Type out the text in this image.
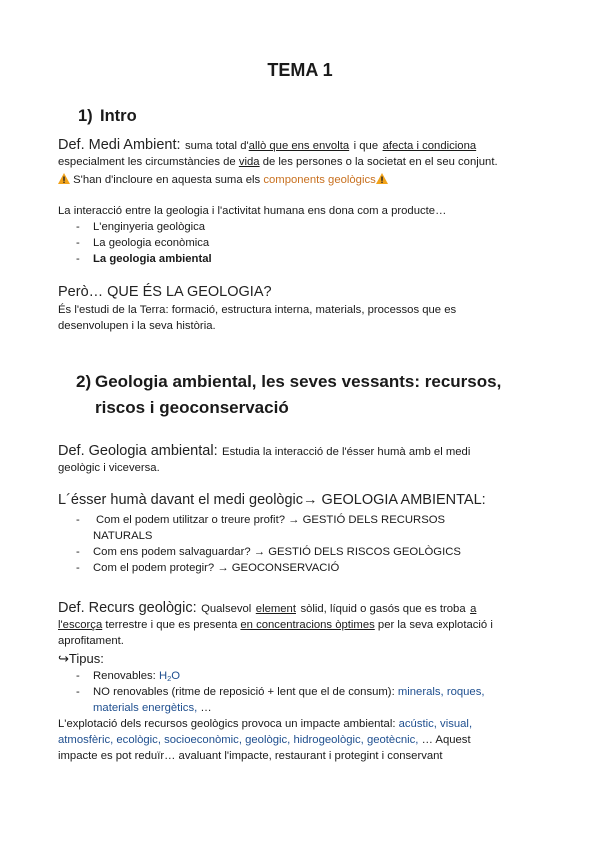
TEMA 1
1) Intro
Def. Medi Ambient: suma total d'allò que ens envolta i que afecta i condiciona
especialment les circumstàncies de vida de les persones o la societat en el seu conjunt.
S'han d'incloure en aquesta suma els components geològics
La interacció entre la geologia i l'activitat humana ens dona com a producte…
- L'enginyeria geològica
- La geologia econòmica
- La geologia ambiental
Però… QUE ÉS LA GEOLOGIA?
És l'estudi de la Terra: formació, estructura interna, materials, processos que es
desenvolupen i la seva història.
2) Geologia ambiental, les seves vessants: recursos,
riscos i geoconservació
Def. Geologia ambiental: Estudia la interacció de l'ésser humà amb el medi
geològic i viceversa.
L´ésser humà davant el medi geològic→ GEOLOGIA AMBIENTAL:
- Com el podem utilitzar o treure profit? → GESTIÓ DELS RECURSOS
NATURALS
- Com ens podem salvaguardar? → GESTIÓ DELS RISCOS GEOLÒGICS
- Com el podem protegir? → GEOCONSERVACIÓ
Def. Recurs geològic: Qualsevol element sòlid, líquid o gasós que es troba a
l'escorça terrestre i que es presenta en concentracions òptimes per la seva explotació i
aprofitament.
↪Tipus:
- Renovables: $H_2O$
- NO renovables (ritme de reposició + lent que el de consum): minerals, roques,
materials energètics, …
L'explotació dels recursos geològics provoca un impacte ambiental: acústic, visual,
atmosfèric, ecològic, socioeconòmic, geològic, hidrogeològic, geotècnic, … Aquest
impacte es pot reduïr… avaluant l'impacte, restaurant i protegint i conservant
